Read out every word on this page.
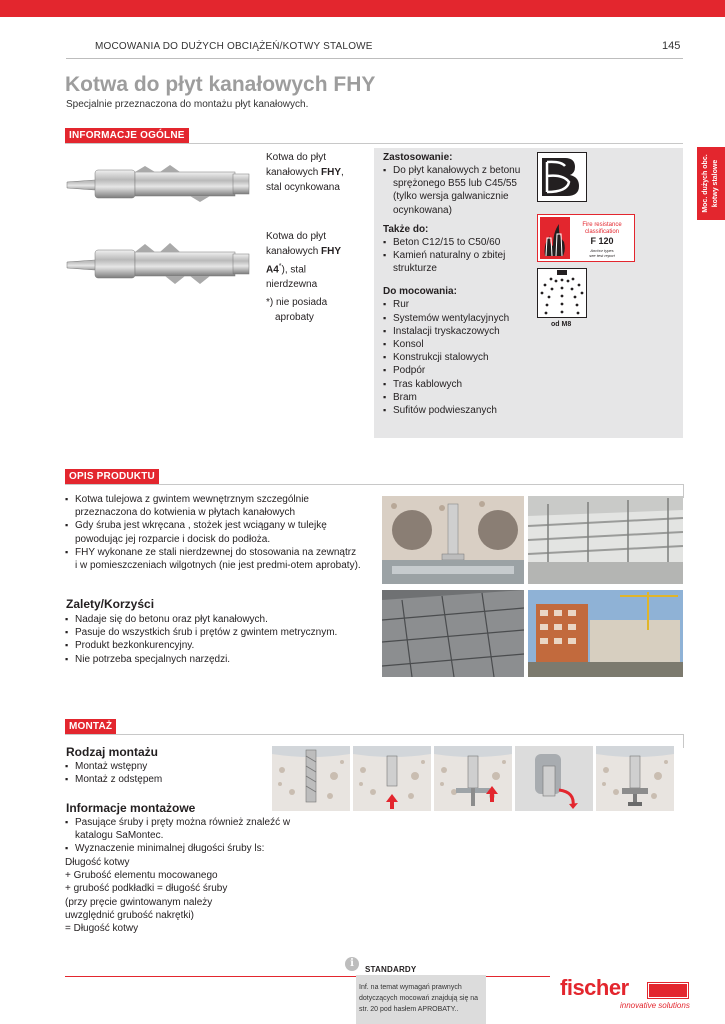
MOCOWANIA DO DUŻYCH OBCIĄŻEŃ/KOTWY STALOWE	145
Kotwa do płyt kanałowych FHY
Specjalnie przeznaczona do montażu płyt kanałowych.
Moc. dużych obc. kotwy stalowe
INFORMACJE OGÓLNE
Kotwa do płyt
kanałowych FHY,
stal ocynkowana
Kotwa do płyt
kanałowych FHY
A4*), stal
nierdzewna
*) nie posiada
aprobaty
Zastosowanie:
▪ Do płyt kanałowych z betonu sprężonego B55 lub C45/55 (tylko wersja galwanicznie ocynkowana)
Także do:
▪ Beton C12/15 to C50/60
▪ Kamień naturalny o zbitej strukturze
Do mocowania:
▪ Rur
▪ Systemów wentylacyjnych
▪ Instalacji tryskaczowych
▪ Konsol
▪ Konstrukcji stalowych
▪ Podpór
▪ Tras kablowych
▪ Bram
▪ Sufitów podwieszanych
Fire resistance
classification
F 120
Anchor types
see test report
od M8
OPIS PRODUKTU
▪ Kotwa tulejowa z gwintem wewnętrznym szczególnie przeznaczona do kotwienia w płytach kanałowych
▪ Gdy śruba jest wkręcana , stożek jest wciągany w tulejkę powodując jej rozparcie i docisk do podłoża.
▪ FHY wykonane ze stali nierdzewnej do stosowania na zewnątrz i w pomieszczeniach wilgotnych (nie jest predmi-otem aprobaty).
Zalety/Korzyści
▪ Nadaje się do betonu oraz płyt kanałowych.
▪ Pasuje do wszystkich śrub i prętów z gwintem metrycznym.
▪ Produkt bezkonkurencyjny.
▪ Nie potrzeba specjalnych narzędzi.
MONTAŻ
Rodzaj montażu
▪ Montaż wstępny
▪ Montaż z odstępem
Informacje montażowe
▪ Pasujące śruby i pręty można również znaleźć w katalogu SaMontec.
▪ Wyznaczenie minimalnej długości śruby ls:
Długość kotwy
+ Grubość elementu mocowanego
+ grubość podkładki = długość śruby
(przy pręcie gwintowanym należy
uwzględnić grubość nakrętki)
= Długość kotwy
i
STANDARDY
Inf. na temat wymagań prawnych dotyczących mocowań znajdują się na str. 20 pod hasłem APROBATY..
fischer
innovative solutions
